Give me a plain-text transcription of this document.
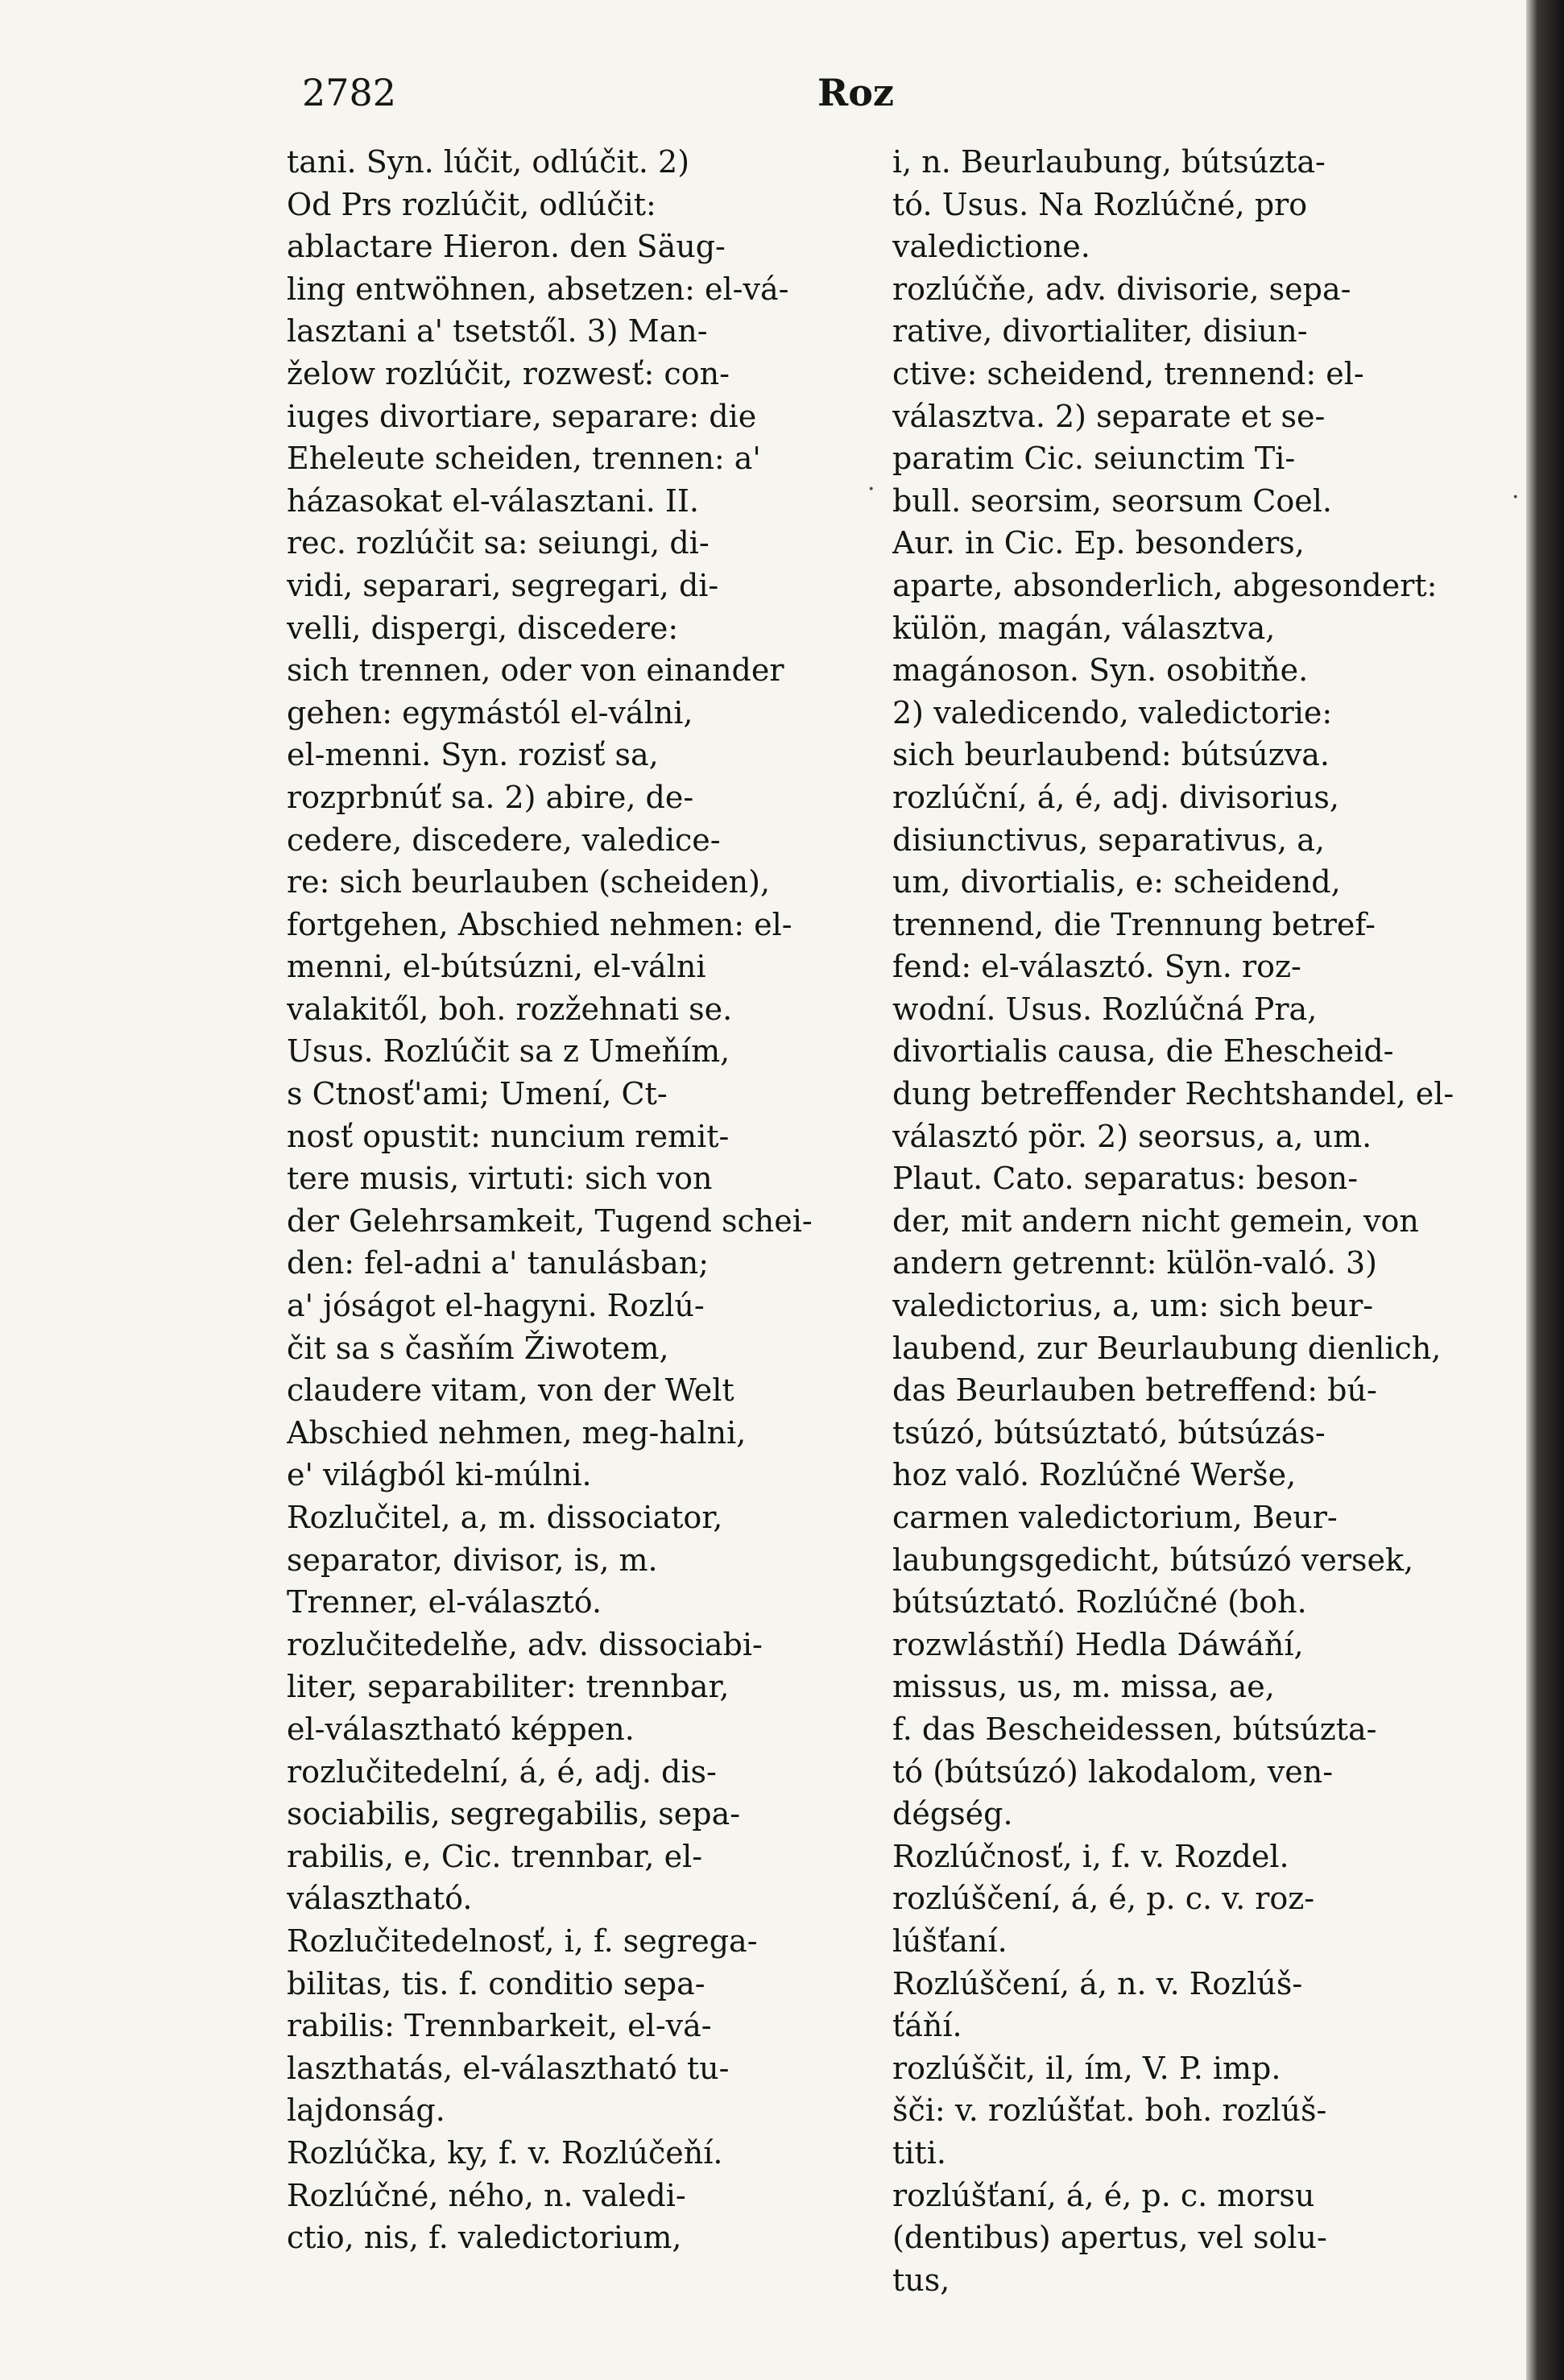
2782	Roz
tani. Syn. lúčit, odlúčit. 2)
Od Prs rozlúčit, odlúčit:
ablactare Hieron. den Säug-
ling entwöhnen, absetzen: el-vá-
lasztani a' tsetstől. 3) Man-
želow rozlúčit, rozwesť: con-
iuges divortiare, separare: die
Eheleute scheiden, trennen: a'
házasokat el-választani. II.
rec. rozlúčit sa: seiungi, di-
vidi, separari, segregari, di-
velli, dispergi, discedere:
sich trennen, oder von einander
gehen: egymástól el-válni,
el-menni. Syn. rozisť sa,
rozprbnúť sa. 2) abire, de-
cedere, discedere, valedice-
re: sich beurlauben (scheiden),
fortgehen, Abschied nehmen: el-
menni, el-bútsúzni, el-válni
valakitől, boh. rozžehnati se.
Usus. Rozlúčit sa z Umeňím,
s Ctnosť'ami; Umení, Ct-
nosť opustit: nuncium remit-
tere musis, virtuti: sich von
der Gelehrsamkeit, Tugend schei-
den: fel-adni a' tanulásban;
a' jóságot el-hagyni. Rozlú-
čit sa s časňím Žiwotem,
claudere vitam, von der Welt
Abschied nehmen, meg-halni,
e' világból ki-múlni.
Rozlučitel, a, m. dissociator,
separator, divisor, is, m.
Trenner, el-választó.
rozlučitedelňe, adv. dissociabi-
liter, separabiliter: trennbar,
el-választható képpen.
rozlučitedelní, á, é, adj. dis-
sociabilis, segregabilis, sepa-
rabilis, e, Cic. trennbar, el-
választható.
Rozlučitedelnosť, i, f. segrega-
bilitas, tis. f. conditio sepa-
rabilis: Trennbarkeit, el-vá-
laszthatás, el-választható tu-
lajdonság.
Rozlúčka, ky, f. v. Rozlúčeňí.
Rozlúčné, ného, n. valedi-
ctio, nis, f. valedictorium,
i, n. Beurlaubung, bútsúzta-
tó. Usus. Na Rozlúčné, pro
valedictione.
rozlúčňe, adv. divisorie, sepa-
rative, divortialiter, disiun-
ctive: scheidend, trennend: el-
választva. 2) separate et se-
paratim Cic. seiunctim Ti-
bull. seorsim, seorsum Coel.
Aur. in Cic. Ep. besonders,
aparte, absonderlich, abgesondert:
külön, magán, választva,
magánoson. Syn. osobitňe.
2) valedicendo, valedictorie:
sich beurlaubend: bútsúzva.
rozlúční, á, é, adj. divisorius,
disiunctivus, separativus, a,
um, divortialis, e: scheidend,
trennend, die Trennung betref-
fend: el-választó. Syn. roz-
wodní. Usus. Rozlúčná Pra,
divortialis causa, die Ehescheid-
dung betreffender Rechtshandel, el-
választó pör. 2) seorsus, a, um.
Plaut. Cato. separatus: beson-
der, mit andern nicht gemein, von
andern getrennt: külön-való. 3)
valedictorius, a, um: sich beur-
laubend, zur Beurlaubung dienlich,
das Beurlauben betreffend: bú-
tsúzó, bútsúztató, bútsúzás-
hoz való. Rozlúčné Werše,
carmen valedictorium, Beur-
laubungsgedicht, bútsúzó versek,
bútsúztató. Rozlúčné (boh.
rozwlástňí) Hedla Dáwáňí,
missus, us, m. missa, ae,
f. das Bescheidessen, bútsúzta-
tó (bútsúzó) lakodalom, ven-
dégség.
Rozlúčnosť, i, f. v. Rozdel.
rozlúščení, á, é, p. c. v. roz-
lúšťaní.
Rozlúščení, á, n. v. Rozlúš-
ťáňí.
rozlúščit, il, ím, V. P. imp.
šči: v. rozlúšťat. boh. rozlúš-
titi.
rozlúšťaní, á, é, p. c. morsu
(dentibus) apertus, vel solu-
tus,
·	·
